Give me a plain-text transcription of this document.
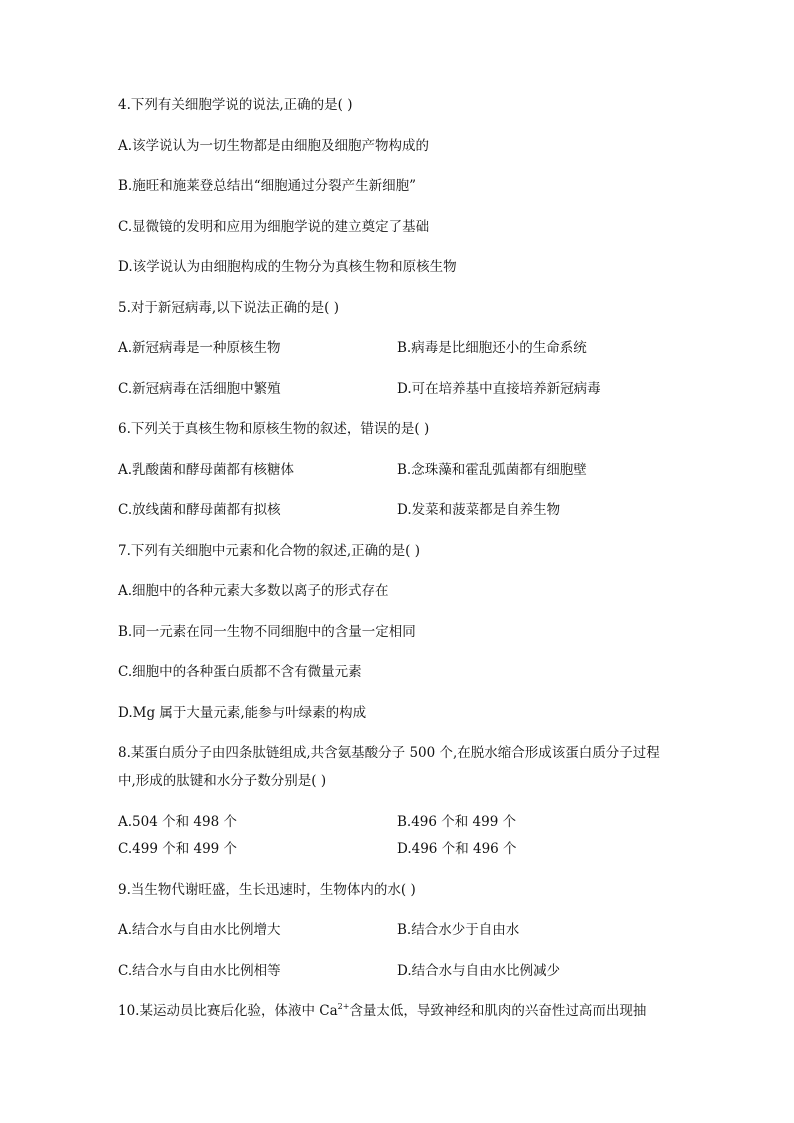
4.下列有关细胞学说的说法,正确的是( )
A.该学说认为一切生物都是由细胞及细胞产物构成的
B.施旺和施莱登总结出“细胞通过分裂产生新细胞”
C.显微镜的发明和应用为细胞学说的建立奠定了基础
D.该学说认为由细胞构成的生物分为真核生物和原核生物
5.对于新冠病毒,以下说法正确的是( )
A.新冠病毒是一种原核生物	B.病毒是比细胞还小的生命系统
C.新冠病毒在活细胞中繁殖	D.可在培养基中直接培养新冠病毒
6.下列关于真核生物和原核生物的叙述，错误的是( )
A.乳酸菌和酵母菌都有核糖体	B.念珠藻和霍乱弧菌都有细胞壁
C.放线菌和酵母菌都有拟核	D.发菜和菠菜都是自养生物
7.下列有关细胞中元素和化合物的叙述,正确的是( )
A.细胞中的各种元素大多数以离子的形式存在
B.同一元素在同一生物不同细胞中的含量一定相同
C.细胞中的各种蛋白质都不含有微量元素
D.Mg 属于大量元素,能参与叶绿素的构成
8.某蛋白质分子由四条肽链组成,共含氨基酸分子 500 个,在脱水缩合形成该蛋白质分子过程
中,形成的肽键和水分子数分别是( )
A.504 个和 498 个	B.496 个和 499 个
C.499 个和 499 个	D.496 个和 496 个
9.当生物代谢旺盛，生长迅速时，生物体内的水( )
A.结合水与自由水比例增大	B.结合水少于自由水
C.结合水与自由水比例相等	D.结合水与自由水比例减少
10.某运动员比赛后化验，体液中 $Ca^{2+}$含量太低，导致神经和肌肉的兴奋性过高而出现抽
